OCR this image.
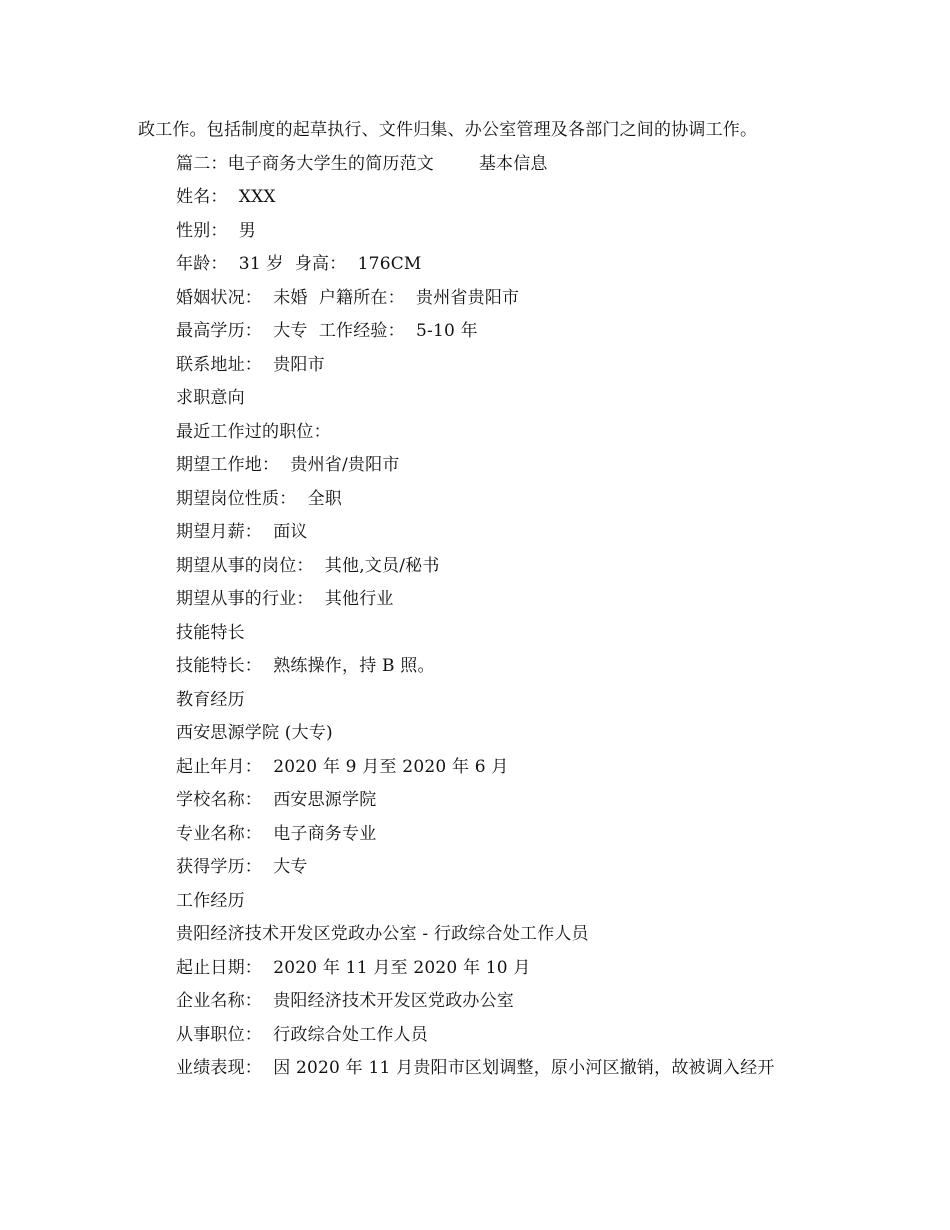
政工作。包括制度的起草执行、文件归集、办公室管理及各部门之间的协调工作。
篇二：电子商务大学生的简历范文        基本信息
姓名：  XXX
性别：  男
年龄：  31 岁  身高：  176CM
婚姻状况：  未婚  户籍所在：  贵州省贵阳市
最高学历：  大专  工作经验：  5-10 年
联系地址：  贵阳市
求职意向
最近工作过的职位：
期望工作地：  贵州省/贵阳市
期望岗位性质：  全职
期望月薪：  面议
期望从事的岗位：  其他,文员/秘书
期望从事的行业：  其他行业
技能特长
技能特长：  熟练操作，持 B 照。
教育经历
西安思源学院 (大专)
起止年月：  2020 年 9 月至 2020 年 6 月
学校名称：  西安思源学院
专业名称：  电子商务专业
获得学历：  大专
工作经历
贵阳经济技术开发区党政办公室 - 行政综合处工作人员
起止日期：  2020 年 11 月至 2020 年 10 月
企业名称：  贵阳经济技术开发区党政办公室
从事职位：  行政综合处工作人员
业绩表现：  因 2020 年 11 月贵阳市区划调整，原小河区撤销，故被调入经开
